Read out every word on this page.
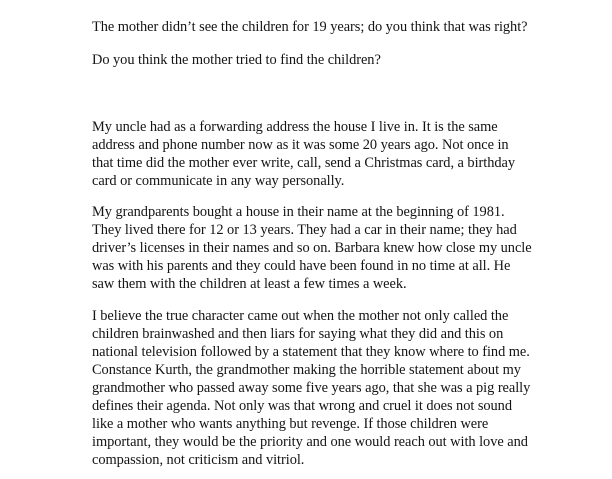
The mother didn’t see the children for 19 years; do you think that was right?

Do you think the mother tried to find the children?

My uncle had as a forwarding address the house I live in. It is the same

address and phone number now as it was some 20 years ago. Not once in

that time did the mother ever write, call, send a Christmas card, a birthday

card or communicate in any way personally.

My grandparents bought a house in their name at the beginning of 1981.

They lived there for 12 or 13 years. They had a car in their name; they had

driver’s licenses in their names and so on. Barbara knew how close my uncle

was with his parents and they could have been found in no time at all. He

saw them with the children at least a few times a week.

I believe the true character came out when the mother not only called the

children brainwashed and then liars for saying what they did and this on

national television followed by a statement that they know where to find me.

Constance Kurth, the grandmother making the horrible statement about my

grandmother who passed away some five years ago, that she was a pig really

defines their agenda. Not only was that wrong and cruel it does not sound

like a mother who wants anything but revenge. If those children were

important, they would be the priority and one would reach out with love and

compassion, not criticism and vitriol.
